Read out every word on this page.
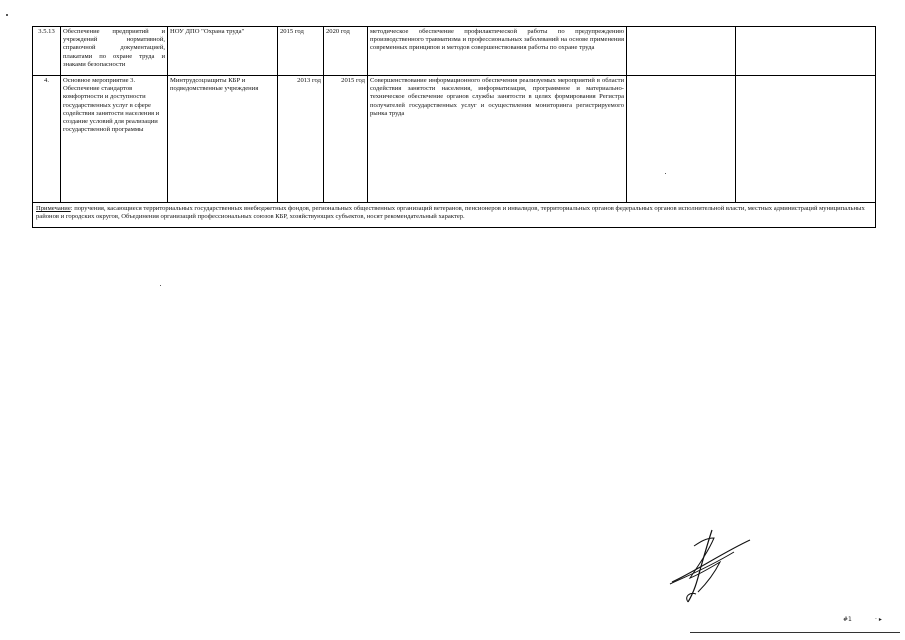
3.5.13	Обеспечение предприятий и учреждений нормативной, справочной документацией, плакатами по охране труда и знаками безопасности	НОУ ДПО "Охрана труда"	2015 год	2020 год	методическое обеспечение профилактической работы по предупреждению производственного травматизма и профессиональных заболеваний на основе применения современных принципов и методов совершенствования работы по охране труда		
4.	Основное мероприятие 3. Обеспечение стандартов комфортности и доступности государственных услуг в сфере содействия занятости населения и создание условий для реализации государственной программы	Минтрудсоцзащиты КБР и подведомственные учреждения	2013 год	2015 год	Совершенствование информационного обеспечения реализуемых мероприятий в области содействия занятости населения, информатизация, программное и материально-техническое обеспечение органов службы занятости в целях формирования Регистра получателей государственных услуг и осуществления мониторинга регистрируемого рынка труда		
Примечание: поручения, касающиеся территориальных государственных внебюджетных фондов, региональных общественных организаций ветеранов, пенсионеров и инвалидов, территориальных органов федеральных органов исполнительной власти, местных администраций муниципальных районов и городских округов, Объединения организаций профессиональных союзов КБР, хозяйствующих субъектов, носят рекомендательный характер.							
#1	· ▸
